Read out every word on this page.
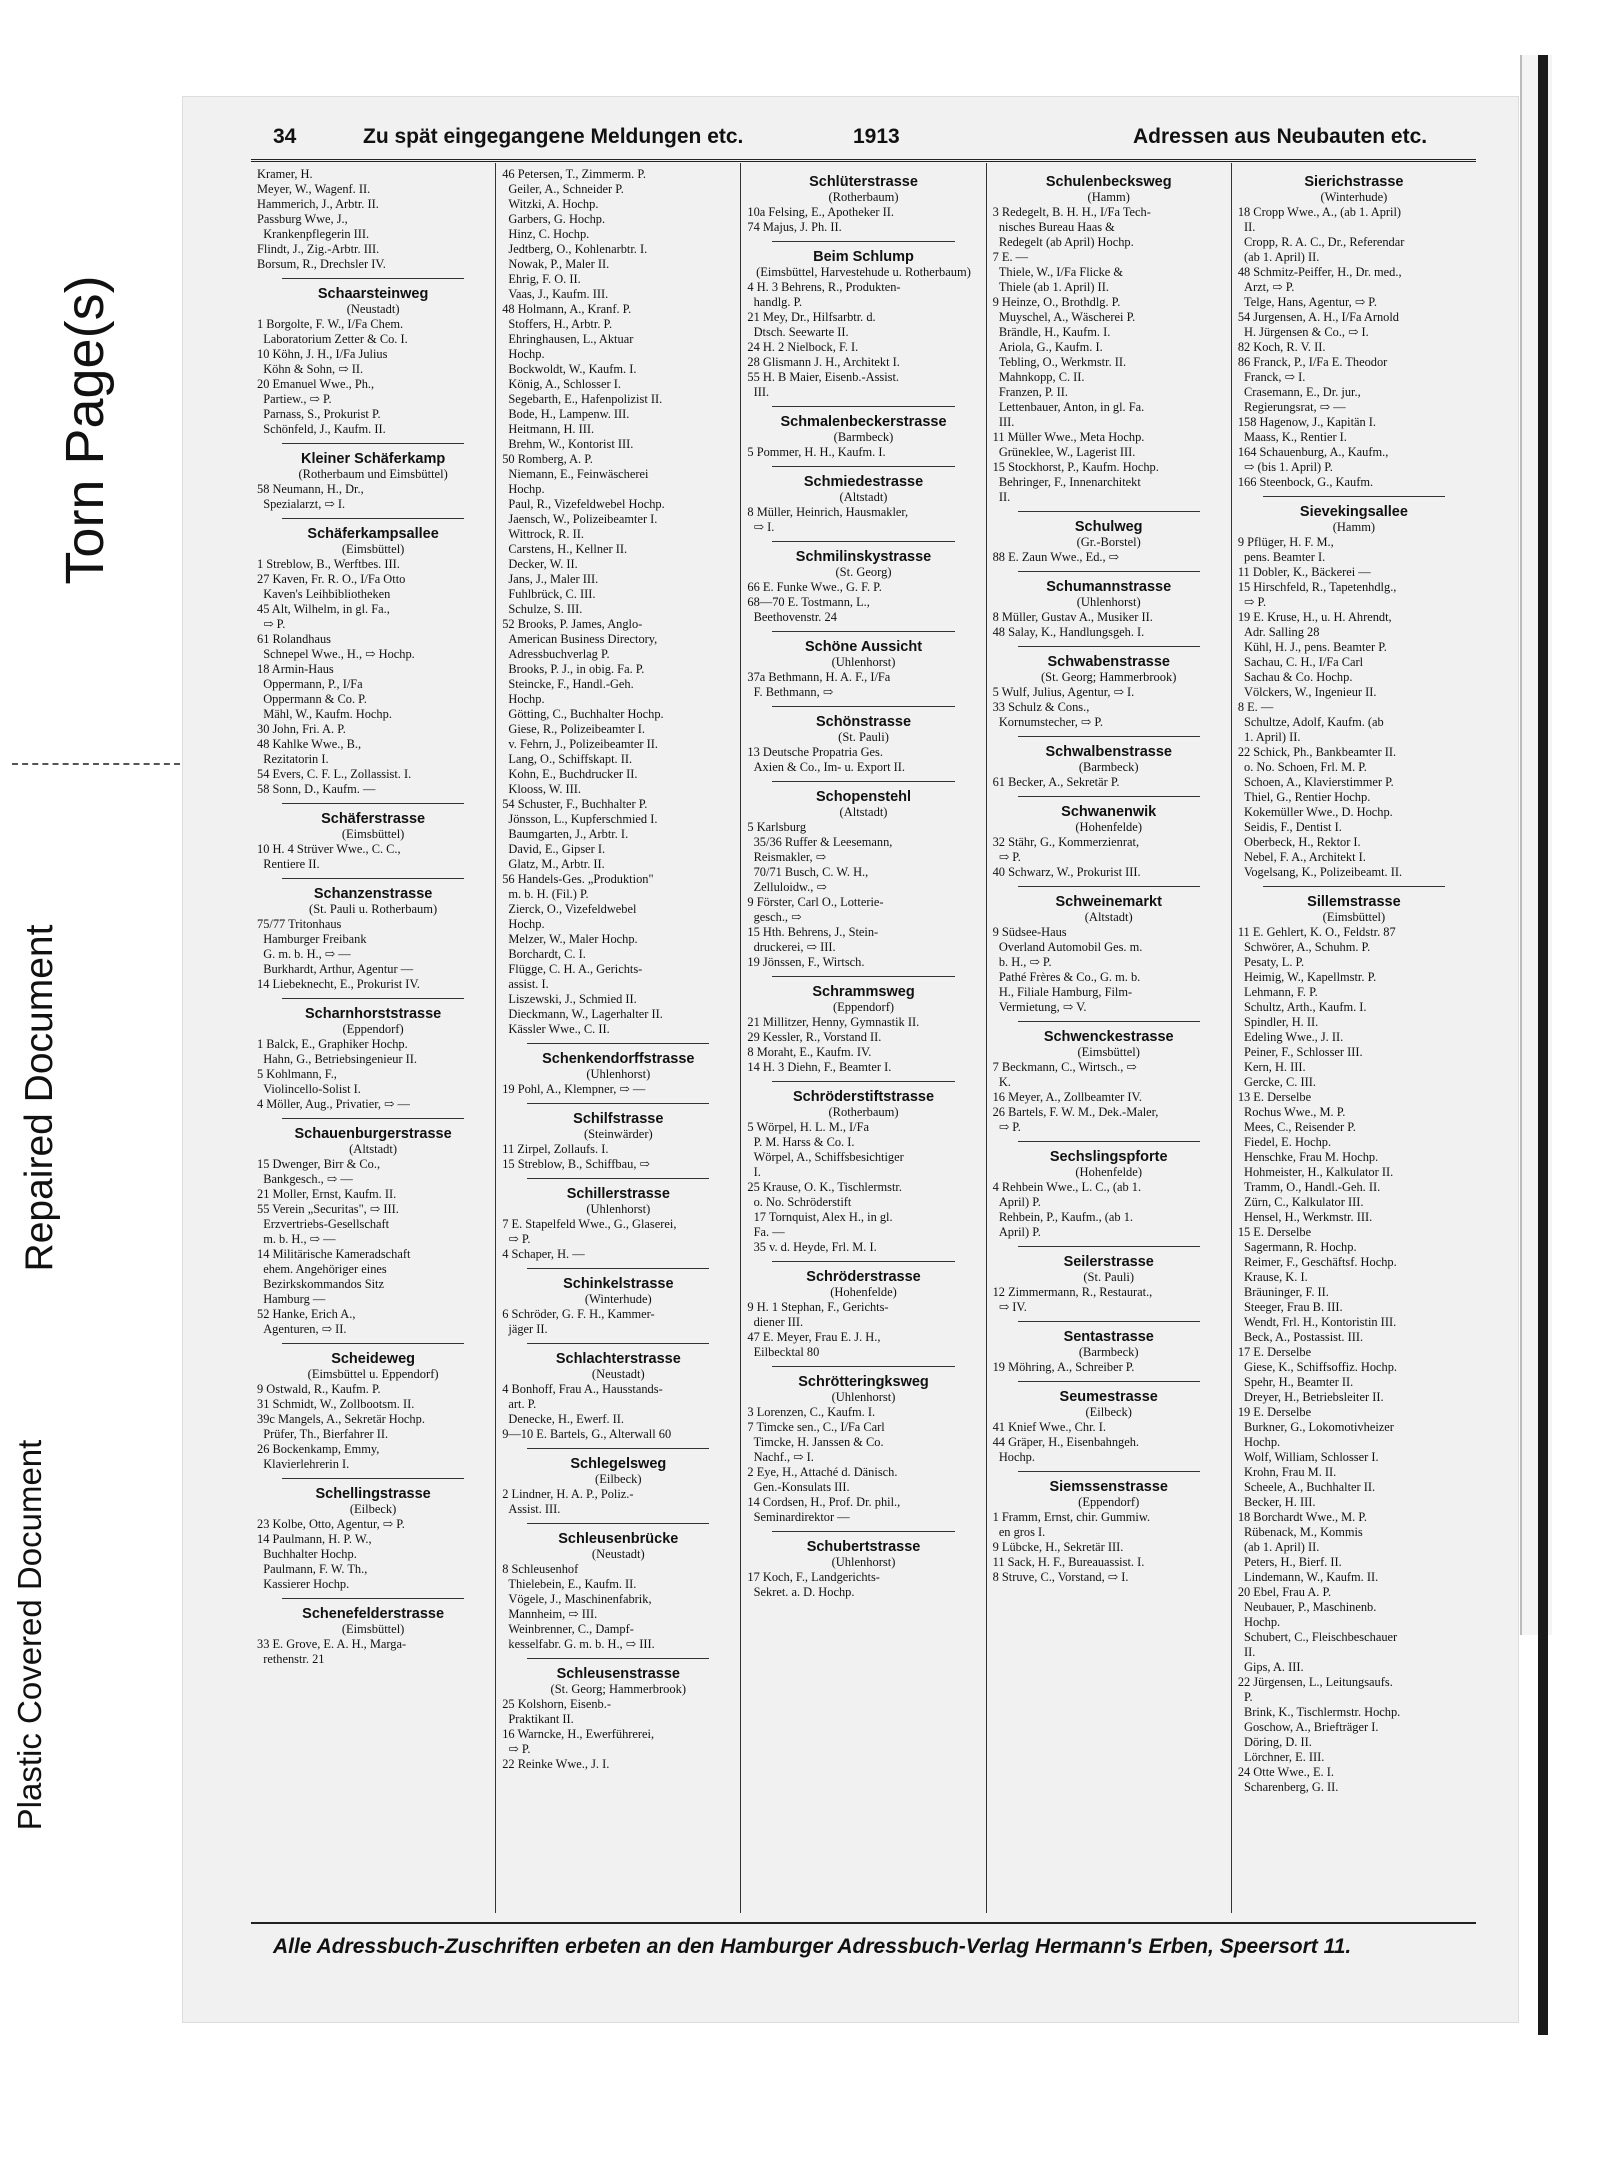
Torn Page(s)
Repaired Document
Plastic Covered Document
34	Zu spät eingegangene Meldungen etc.	1913	Adressen aus Neubauten etc.
Kramer, H.
Meyer, W., Wagenf. II.
Hammerich, J., Arbtr. II.
Passburg Wwe, J.,
Krankenpflegerin III.
Flindt, J., Zig.-Arbtr. III.
Borsum, R., Drechsler IV.
Schaarsteinweg
(Neustadt)
1 Borgolte, F. W., I/Fa Chem.
Laboratorium Zetter & Co. I.
10 Köhn, J. H., I/Fa Julius
Köhn & Sohn, ⇨ II.
20 Emanuel Wwe., Ph.,
Partiew., ⇨ P.
Parnass, S., Prokurist P.
Schönfeld, J., Kaufm. II.
Kleiner Schäferkamp
(Rotherbaum und Eimsbüttel)
58 Neumann, H., Dr.,
Spezialarzt, ⇨ I.
Schäferkampsallee
(Eimsbüttel)
1 Streblow, B., Werftbes. III.
27 Kaven, Fr. R. O., I/Fa Otto
Kaven's Leihbibliotheken
45 Alt, Wilhelm, in gl. Fa.,
⇨ P.
61 Rolandhaus
Schnepel Wwe., H., ⇨ Hochp.
18 Armin-Haus
Oppermann, P., I/Fa
Oppermann & Co. P.
Mähl, W., Kaufm. Hochp.
30 John, Fri. A. P.
48 Kahlke Wwe., B.,
Rezitatorin I.
54 Evers, C. F. L., Zollassist. I.
58 Sonn, D., Kaufm. —
Schäferstrasse
(Eimsbüttel)
10 H. 4 Strüver Wwe., C. C.,
Rentiere II.
Schanzenstrasse
(St. Pauli u. Rotherbaum)
75/77 Tritonhaus
Hamburger Freibank
G. m. b. H., ⇨ —
Burkhardt, Arthur, Agentur —
14 Liebeknecht, E., Prokurist IV.
Scharnhorststrasse
(Eppendorf)
1 Balck, E., Graphiker Hochp.
Hahn, G., Betriebsingenieur II.
5 Kohlmann, F.,
Violincello-Solist I.
4 Möller, Aug., Privatier, ⇨ —
Schauenburgerstrasse
(Altstadt)
15 Dwenger, Birr & Co.,
Bankgesch., ⇨ —
21 Moller, Ernst, Kaufm. II.
55 Verein „Securitas", ⇨ III.
Erzvertriebs-Gesellschaft
m. b. H., ⇨ —
14 Militärische Kameradschaft
ehem. Angehöriger eines
Bezirkskommandos Sitz
Hamburg —
52 Hanke, Erich A.,
Agenturen, ⇨ II.
Scheideweg
(Eimsbüttel u. Eppendorf)
9 Ostwald, R., Kaufm. P.
31 Schmidt, W., Zollbootsm. II.
39c Mangels, A., Sekretär Hochp.
Prüfer, Th., Bierfahrer II.
26 Bockenkamp, Emmy,
Klavierlehrerin I.
Schellingstrasse
(Eilbeck)
23 Kolbe, Otto, Agentur, ⇨ P.
14 Paulmann, H. P. W.,
Buchhalter Hochp.
Paulmann, F. W. Th.,
Kassierer Hochp.
Schenefelderstrasse
(Eimsbüttel)
33 E. Grove, E. A. H., Marga-
rethenstr. 21
46 Petersen, T., Zimmerm. P.
Geiler, A., Schneider P.
Witzki, A. Hochp.
Garbers, G. Hochp.
Hinz, C. Hochp.
Jedtberg, O., Kohlenarbtr. I.
Nowak, P., Maler II.
Ehrig, F. O. II.
Vaas, J., Kaufm. III.
48 Holmann, A., Kranf. P.
Stoffers, H., Arbtr. P.
Ehringhausen, L., Aktuar
Hochp.
Bockwoldt, W., Kaufm. I.
König, A., Schlosser I.
Segebarth, E., Hafenpolizist II.
Bode, H., Lampenw. III.
Heitmann, H. III.
Brehm, W., Kontorist III.
50 Romberg, A. P.
Niemann, E., Feinwäscherei
Hochp.
Paul, R., Vizefeldwebel Hochp.
Jaensch, W., Polizeibeamter I.
Wittrock, R. II.
Carstens, H., Kellner II.
Decker, W. II.
Jans, J., Maler III.
Fuhlbrück, C. III.
Schulze, S. III.
52 Brooks, P. James, Anglo-
American Business Directory,
Adressbuchverlag P.
Brooks, P. J., in obig. Fa. P.
Steincke, F., Handl.-Geh.
Hochp.
Götting, C., Buchhalter Hochp.
Giese, R., Polizeibeamter I.
v. Fehrn, J., Polizeibeamter II.
Lang, O., Schiffskapt. II.
Kohn, E., Buchdrucker II.
Klooss, W. III.
54 Schuster, F., Buchhalter P.
Jönsson, L., Kupferschmied I.
Baumgarten, J., Arbtr. I.
David, E., Gipser I.
Glatz, M., Arbtr. II.
56 Handels-Ges. „Produktion"
m. b. H. (Fil.) P.
Zierck, O., Vizefeldwebel
Hochp.
Melzer, W., Maler Hochp.
Borchardt, C. I.
Flügge, C. H. A., Gerichts-
assist. I.
Liszewski, J., Schmied II.
Dieckmann, W., Lagerhalter II.
Kässler Wwe., C. II.
Schenkendorffstrasse
(Uhlenhorst)
19 Pohl, A., Klempner, ⇨ —
Schilfstrasse
(Steinwärder)
11 Zirpel, Zollaufs. I.
15 Streblow, B., Schiffbau, ⇨
Schillerstrasse
(Uhlenhorst)
7 E. Stapelfeld Wwe., G., Glaserei,
⇨ P.
4 Schaper, H. —
Schinkelstrasse
(Winterhude)
6 Schröder, G. F. H., Kammer-
jäger II.
Schlachterstrasse
(Neustadt)
4 Bonhoff, Frau A., Hausstands-
art. P.
Denecke, H., Ewerf. II.
9—10 E. Bartels, G., Alterwall 60
Schlegelsweg
(Eilbeck)
2 Lindner, H. A. P., Poliz.-
Assist. III.
Schleusenbrücke
(Neustadt)
8 Schleusenhof
Thielebein, E., Kaufm. II.
Vögele, J., Maschinenfabrik,
Mannheim, ⇨ III.
Weinbrenner, C., Dampf-
kesselfabr. G. m. b. H., ⇨ III.
Schleusenstrasse
(St. Georg; Hammerbrook)
25 Kolshorn, Eisenb.-
Praktikant II.
16 Warncke, H., Ewerführerei,
⇨ P.
22 Reinke Wwe., J. I.
Schlüterstrasse
(Rotherbaum)
10a Felsing, E., Apotheker II.
74 Majus, J. Ph. II.
Beim Schlump
(Eimsbüttel, Harvestehude u. Rotherbaum)
4 H. 3 Behrens, R., Produkten-
handlg. P.
21 Mey, Dr., Hilfsarbtr. d.
Dtsch. Seewarte II.
24 H. 2 Nielbock, F. I.
28 Glismann J. H., Architekt I.
55 H. B Maier, Eisenb.-Assist.
III.
Schmalenbeckerstrasse
(Barmbeck)
5 Pommer, H. H., Kaufm. I.
Schmiedestrasse
(Altstadt)
8 Müller, Heinrich, Hausmakler,
⇨ I.
Schmilinskystrasse
(St. Georg)
66 E. Funke Wwe., G. F. P.
68—70 E. Tostmann, L.,
Beethovenstr. 24
Schöne Aussicht
(Uhlenhorst)
37a Bethmann, H. A. F., I/Fa
F. Bethmann, ⇨
Schönstrasse
(St. Pauli)
13 Deutsche Propatria Ges.
Axien & Co., Im- u. Export II.
Schopenstehl
(Altstadt)
5 Karlsburg
35/36 Ruffer & Leesemann,
Reismakler, ⇨
70/71 Busch, C. W. H.,
Zelluloidw., ⇨
9 Förster, Carl O., Lotterie-
gesch., ⇨
15 Hth. Behrens, J., Stein-
druckerei, ⇨ III.
19 Jönssen, F., Wirtsch.
Schrammsweg
(Eppendorf)
21 Millitzer, Henny, Gymnastik II.
29 Kessler, R., Vorstand II.
8 Moraht, E., Kaufm. IV.
14 H. 3 Diehn, F., Beamter I.
Schröderstiftstrasse
(Rotherbaum)
5 Wörpel, H. L. M., I/Fa
P. M. Harss & Co. I.
Wörpel, A., Schiffsbesichtiger
I.
25 Krause, O. K., Tischlermstr.
o. No. Schröderstift
17 Tornquist, Alex H., in gl.
Fa. —
35 v. d. Heyde, Frl. M. I.
Schröderstrasse
(Hohenfelde)
9 H. 1 Stephan, F., Gerichts-
diener III.
47 E. Meyer, Frau E. J. H.,
Eilbecktal 80
Schrötteringksweg
(Uhlenhorst)
3 Lorenzen, C., Kaufm. I.
7 Timcke sen., C., I/Fa Carl
Timcke, H. Janssen & Co.
Nachf., ⇨ I.
2 Eye, H., Attaché d. Dänisch.
Gen.-Konsulats III.
14 Cordsen, H., Prof. Dr. phil.,
Seminardirektor —
Schubertstrasse
(Uhlenhorst)
17 Koch, F., Landgerichts-
Sekret. a. D. Hochp.
Schulenbecksweg
(Hamm)
3 Redegelt, B. H. H., I/Fa Tech-
nisches Bureau Haas &
Redegelt (ab April) Hochp.
7 E. —
Thiele, W., I/Fa Flicke &
Thiele (ab 1. April) II.
9 Heinze, O., Brothdlg. P.
Muyschel, A., Wäscherei P.
Brändle, H., Kaufm. I.
Ariola, G., Kaufm. I.
Tebling, O., Werkmstr. II.
Mahnkopp, C. II.
Franzen, P. II.
Lettenbauer, Anton, in gl. Fa.
III.
11 Müller Wwe., Meta Hochp.
Grüneklee, W., Lagerist III.
15 Stockhorst, P., Kaufm. Hochp.
Behringer, F., Innenarchitekt
II.
Schulweg
(Gr.-Borstel)
88 E. Zaun Wwe., Ed., ⇨
Schumannstrasse
(Uhlenhorst)
8 Müller, Gustav A., Musiker II.
48 Salay, K., Handlungsgeh. I.
Schwabenstrasse
(St. Georg; Hammerbrook)
5 Wulf, Julius, Agentur, ⇨ I.
33 Schulz & Cons.,
Kornumstecher, ⇨ P.
Schwalbenstrasse
(Barmbeck)
61 Becker, A., Sekretär P.
Schwanenwik
(Hohenfelde)
32 Stähr, G., Kommerzienrat,
⇨ P.
40 Schwarz, W., Prokurist III.
Schweinemarkt
(Altstadt)
9 Südsee-Haus
Overland Automobil Ges. m.
b. H., ⇨ P.
Pathé Frères & Co., G. m. b.
H., Filiale Hamburg, Film-
Vermietung, ⇨ V.
Schwenckestrasse
(Eimsbüttel)
7 Beckmann, C., Wirtsch., ⇨
K.
16 Meyer, A., Zollbeamter IV.
26 Bartels, F. W. M., Dek.-Maler,
⇨ P.
Sechslingspforte
(Hohenfelde)
4 Rehbein Wwe., L. C., (ab 1.
April) P.
Rehbein, P., Kaufm., (ab 1.
April) P.
Seilerstrasse
(St. Pauli)
12 Zimmermann, R., Restaurat.,
⇨ IV.
Sentastrasse
(Barmbeck)
19 Möhring, A., Schreiber P.
Seumestrasse
(Eilbeck)
41 Knief Wwe., Chr. I.
44 Gräper, H., Eisenbahngeh.
Hochp.
Siemssenstrasse
(Eppendorf)
1 Framm, Ernst, chir. Gummiw.
en gros I.
9 Lübcke, H., Sekretär III.
11 Sack, H. F., Bureauassist. I.
8 Struve, C., Vorstand, ⇨ I.
Sierichstrasse
(Winterhude)
18 Cropp Wwe., A., (ab 1. April)
II.
Cropp, R. A. C., Dr., Referendar
(ab 1. April) II.
48 Schmitz-Peiffer, H., Dr. med.,
Arzt, ⇨ P.
Telge, Hans, Agentur, ⇨ P.
54 Jurgensen, A. H., I/Fa Arnold
H. Jürgensen & Co., ⇨ I.
82 Koch, R. V. II.
86 Franck, P., I/Fa E. Theodor
Franck, ⇨ I.
Crasemann, E., Dr. jur.,
Regierungsrat, ⇨ —
158 Hagenow, J., Kapitän I.
Maass, K., Rentier I.
164 Schauenburg, A., Kaufm.,
⇨ (bis 1. April) P.
166 Steenbock, G., Kaufm.
Sievekingsallee
(Hamm)
9 Pflüger, H. F. M.,
pens. Beamter I.
11 Dobler, K., Bäckerei —
15 Hirschfeld, R., Tapetenhdlg.,
⇨ P.
19 E. Kruse, H., u. H. Ahrendt,
Adr. Salling 28
Kühl, H. J., pens. Beamter P.
Sachau, C. H., I/Fa Carl
Sachau & Co. Hochp.
Völckers, W., Ingenieur II.
8 E. —
Schultze, Adolf, Kaufm. (ab
1. April) II.
22 Schick, Ph., Bankbeamter II.
o. No. Schoen, Frl. M. P.
Schoen, A., Klavierstimmer P.
Thiel, G., Rentier Hochp.
Kokemüller Wwe., D. Hochp.
Seidis, F., Dentist I.
Oberbeck, H., Rektor I.
Nebel, F. A., Architekt I.
Vogelsang, K., Polizeibeamt. II.
Sillemstrasse
(Eimsbüttel)
11 E. Gehlert, K. O., Feldstr. 87
Schwörer, A., Schuhm. P.
Pesaty, L. P.
Heimig, W., Kapellmstr. P.
Lehmann, F. P.
Schultz, Arth., Kaufm. I.
Spindler, H. II.
Edeling Wwe., J. II.
Peiner, F., Schlosser III.
Kern, H. III.
Gercke, C. III.
13 E. Derselbe
Rochus Wwe., M. P.
Mees, C., Reisender P.
Fiedel, E. Hochp.
Henschke, Frau M. Hochp.
Hohmeister, H., Kalkulator II.
Tramm, O., Handl.-Geh. II.
Zürn, C., Kalkulator III.
Hensel, H., Werkmstr. III.
15 E. Derselbe
Sagermann, R. Hochp.
Reimer, F., Geschäftsf. Hochp.
Krause, K. I.
Bräuninger, F. II.
Steeger, Frau B. III.
Wendt, Frl. H., Kontoristin III.
Beck, A., Postassist. III.
17 E. Derselbe
Giese, K., Schiffsoffiz. Hochp.
Spehr, H., Beamter II.
Dreyer, H., Betriebsleiter II.
19 E. Derselbe
Burkner, G., Lokomotivheizer
Hochp.
Wolf, William, Schlosser I.
Krohn, Frau M. II.
Scheele, A., Buchhalter II.
Becker, H. III.
18 Borchardt Wwe., M. P.
Rübenack, M., Kommis
(ab 1. April) II.
Peters, H., Bierf. II.
Lindemann, W., Kaufm. II.
20 Ebel, Frau A. P.
Neubauer, P., Maschinenb.
Hochp.
Schubert, C., Fleischbeschauer
II.
Gips, A. III.
22 Jürgensen, L., Leitungsaufs.
P.
Brink, K., Tischlermstr. Hochp.
Goschow, A., Briefträger I.
Döring, D. II.
Lörchner, E. III.
24 Otte Wwe., E. I.
Scharenberg, G. II.
Alle Adressbuch-Zuschriften erbeten an den Hamburger Adressbuch-Verlag Hermann's Erben, Speersort 11.
